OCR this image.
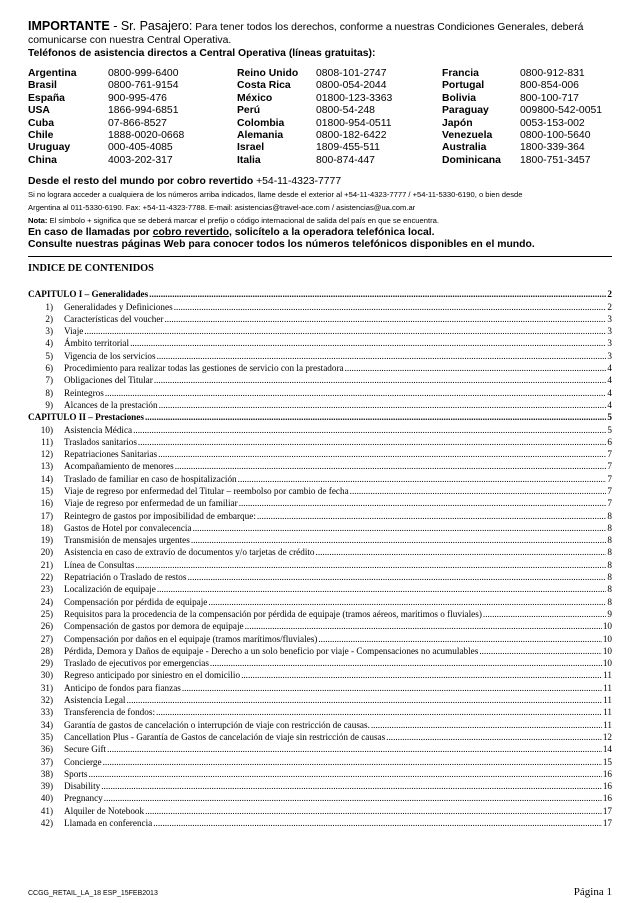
IMPORTANTE - Sr. Pasajero: Para tener todos los derechos, conforme a nuestras Condiciones Generales, deberá comunicarse con nuestra Central Operativa.
Teléfonos de asistencia directos a Central Operativa (líneas gratuitas):
Argentina	0800-999-6400	Reino Unido	0808-101-2747	Francia	0800-912-831
Brasil	0800-761-9154	Costa Rica	0800-054-2044	Portugal	800-854-006
España	900-995-476	México	01800-123-3363	Bolivia	800-100-717
USA	1866-994-6851	Perú	0800-54-248	Paraguay	009800-542-0051
Cuba	07-866-8527	Colombia	01800-954-0511	Japón	0053-153-002
Chile	1888-0020-0668	Alemania	0800-182-6422	Venezuela	0800-100-5640
Uruguay	000-405-4085	Israel	1809-455-511	Australia	1800-339-364
China	4003-202-317	Italia	800-874-447	Dominicana	1800-751-3457
Desde el resto del mundo por cobro revertido +54-11-4323-7777
Si no lograra acceder a cualquiera de los números arriba indicados, llame desde el exterior al +54-11-4323-7777 / +54-11-5330-6190, o bien desde
Argentina al 011-5330-6190. Fax: +54-11-4323-7788. E-mail: asistencias@travel-ace.com / asistencias@ua.com.ar
Nota: El símbolo + significa que se deberá marcar el prefijo o código internacional de salida del país en que se encuentra.
En caso de llamadas por cobro revertido, solicítelo a la operadora telefónica local.
Consulte nuestras páginas Web para conocer todos los números telefónicos disponibles en el mundo.
INDICE DE CONTENIDOS
CAPITULO I – Generalidades .....	2
1)	Generalidades y Definiciones .....	2
2)	Características del voucher .....	3
3)	Viaje .....	3
4)	Ámbito territorial .....	3
5)	Vigencia de los servicios .....	3
6)	Procedimiento para realizar todas las gestiones de servicio con la prestadora .....	4
7)	Obligaciones del Titular .....	4
8)	Reintegros .....	4
9)	Alcances de la prestación .....	4
CAPITULO II – Prestaciones .....	5
10)	Asistencia Médica .....	5
11)	Traslados sanitarios .....	6
12)	Repatriaciones Sanitarias .....	7
13)	Acompañamiento de menores .....	7
14)	Traslado de familiar en caso de hospitalización .....	7
15)	Viaje de regreso por enfermedad del Titular – reembolso por cambio de fecha .....	7
16)	Viaje de regreso por enfermedad de un familiar .....	7
17)	Reintegro de gastos por imposibilidad de embarque: .....	8
18)	Gastos de Hotel por convalecencia .....	8
19)	Transmisión de mensajes urgentes .....	8
20)	Asistencia en caso de extravío de documentos y/o tarjetas de crédito .....	8
21)	Línea de Consultas .....	8
22)	Repatriación o Traslado de restos .....	8
23)	Localización de equipaje .....	8
24)	Compensación por pérdida de equipaje .....	8
25)	Requisitos para la procedencia de la compensación por pérdida de equipaje (tramos aéreos, marítimos o fluviales) .....	9
26)	Compensación de gastos por demora de equipaje .....	10
27)	Compensación por daños en el equipaje (tramos marítimos/fluviales) .....	10
28)	Pérdida, Demora y Daños de equipaje - Derecho a un solo beneficio por viaje - Compensaciones no acumulables .....	10
29)	Traslado de ejecutivos por emergencias .....	10
30)	Regreso anticipado por siniestro en el domicilio .....	11
31)	Anticipo de fondos para fianzas .....	11
32)	Asistencia Legal .....	11
33)	Transferencia de fondos: .....	11
34)	Garantía de gastos de cancelación o interrupción de viaje con restricción de causas. .....	11
35)	Cancellation Plus - Garantía de Gastos de cancelación de viaje sin restricción de causas .....	12
36)	Secure Gift .....	14
37)	Concierge .....	15
38)	Sports .....	16
39)	Disability .....	16
40)	Pregnancy .....	16
41)	Alquiler de Notebook .....	17
42)	Llamada en conferencia .....	17
CCGG_RETAIL_LA_18 ESP_15FEB2013	Página 1
